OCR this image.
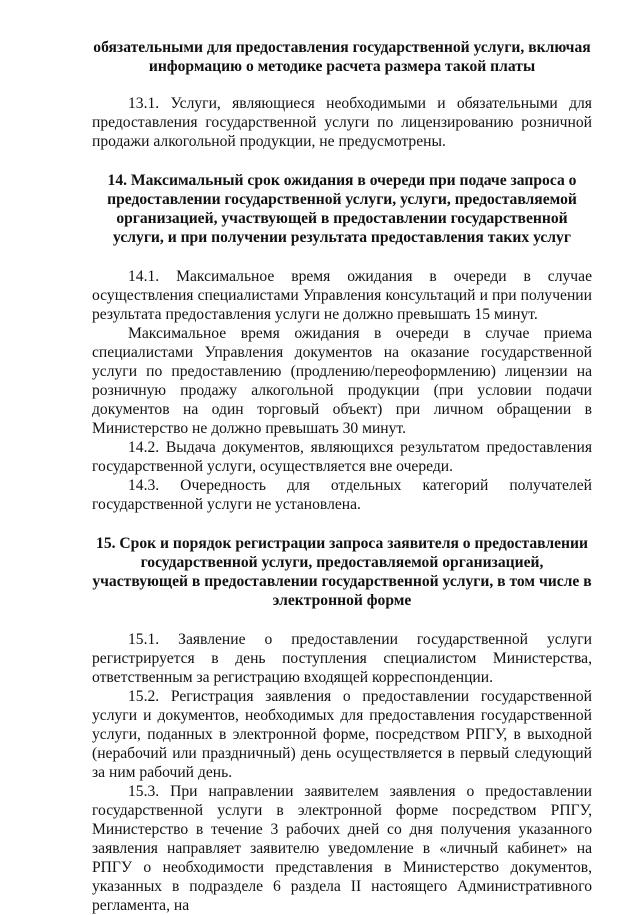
обязательными для предоставления государственной услуги, включая информацию о методике расчета размера такой платы

13.1. Услуги, являющиеся необходимыми и обязательными для предоставления государственной услуги по лицензированию розничной продажи алкогольной продукции, не предусмотрены.

14. Максимальный срок ожидания в очереди при подаче запроса о предоставлении государственной услуги, услуги, предоставляемой организацией, участвующей в предоставлении государственной услуги, и при получении результата предоставления таких услуг

14.1. Максимальное время ожидания в очереди в случае осуществления специалистами Управления консультаций и при получении результата предоставления услуги не должно превышать 15 минут.

Максимальное время ожидания в очереди в случае приема специалистами Управления документов на оказание государственной услуги по предоставлению (продлению/переоформлению) лицензии на розничную продажу алкогольной продукции (при условии подачи документов на один торговый объект) при личном обращении в Министерство не должно превышать 30 минут.

14.2. Выдача документов, являющихся результатом предоставления государственной услуги, осуществляется вне очереди.

14.3. Очередность для отдельных категорий получателей государственной услуги не установлена.

15. Срок и порядок регистрации запроса заявителя о предоставлении государственной услуги, предоставляемой организацией, участвующей в предоставлении государственной услуги, в том числе в электронной форме

15.1. Заявление о предоставлении государственной услуги регистрируется в день поступления специалистом Министерства, ответственным за регистрацию входящей корреспонденции.

15.2. Регистрация заявления о предоставлении государственной услуги и документов, необходимых для предоставления государственной услуги, поданных в электронной форме, посредством РПГУ, в выходной (нерабочий или праздничный) день осуществляется в первый следующий за ним рабочий день.

15.3. При направлении заявителем заявления о предоставлении государственной услуги в электронной форме посредством РПГУ, Министерство в течение 3 рабочих дней со дня получения указанного заявления направляет заявителю уведомление в «личный кабинет» на РПГУ о необходимости представления в Министерство документов, указанных в подразделе 6 раздела II настоящего Административного регламента, на
